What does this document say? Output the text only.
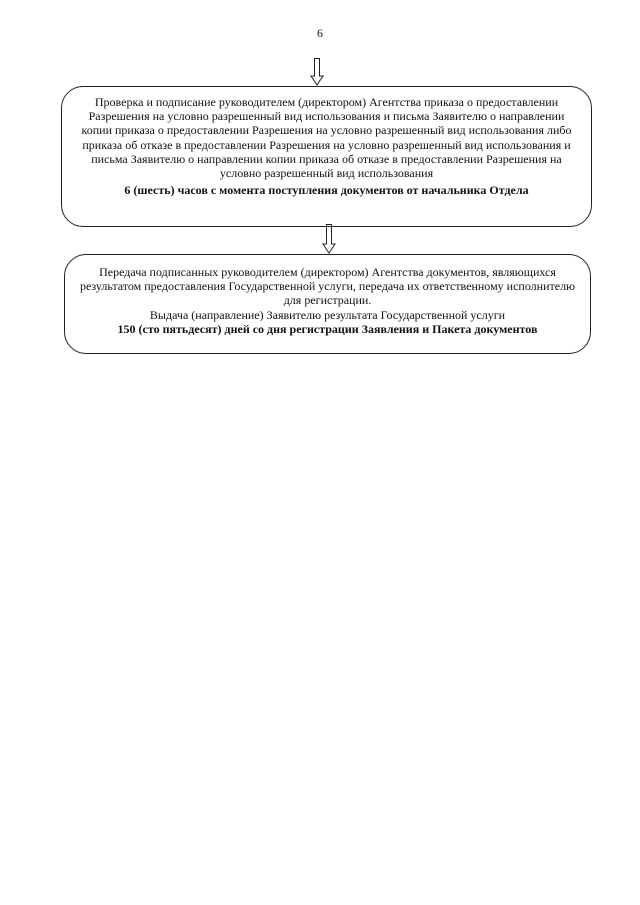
6

Проверка и подписание руководителем (директором) Агентства приказа о предоставлении Разрешения на условно разрешенный вид использования и письма Заявителю о направлении копии приказа о предоставлении Разрешения на условно разрешенный вид использования либо приказа об отказе в предоставлении Разрешения на условно разрешенный вид использования и письма Заявителю о направлении копии приказа об отказе в предоставлении Разрешения на условно разрешенный вид использования

6 (шесть) часов с момента поступления документов от начальника Отдела

Передача подписанных руководителем (директором) Агентства документов, являющихся результатом предоставления Государственной услуги, передача их ответственному исполнителю для регистрации.

Выдача (направление) Заявителю результата Государственной услуги

150 (сто пятьдесят) дней со дня регистрации Заявления и Пакета документов
